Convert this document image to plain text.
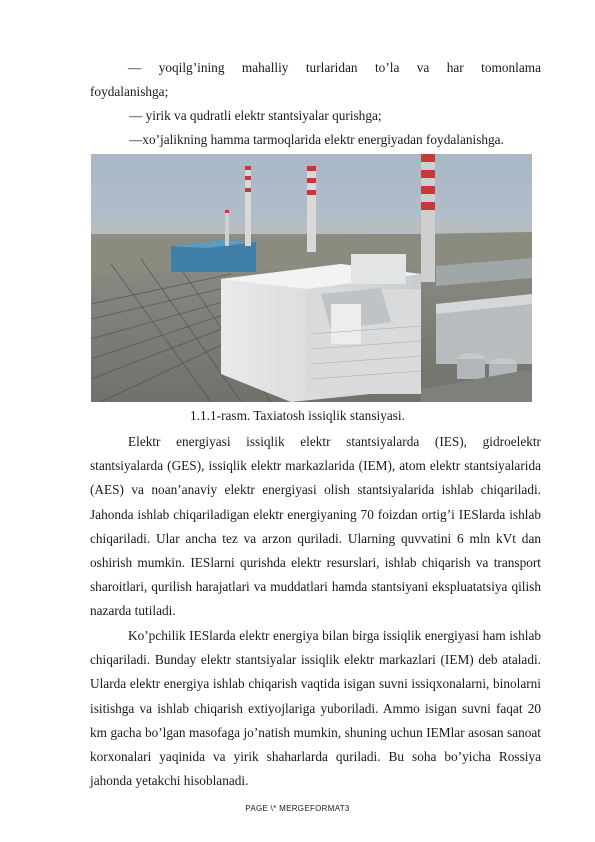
— yoqilg’ining mahalliy turlaridan to’la va har tomonlama
foydalanishga;
— yirik va qudratli elektr stantsiyalar qurishga;
—xo’jalikning hamma tarmoqlarida elektr energiyadan foydalanishga.
1.1.1-rasm. Taxiatosh issiqlik stansiyasi.

Elektr energiyasi issiqlik elektr stantsiyalarda (IES), gidroelektr stantsiyalarda (GES), issiqlik elektr markazlarida (IEM), atom elektr stantsiyalarida (AES) va noan’anaviy elektr energiyasi olish stantsiyalarida ishlab chiqariladi. Jahonda ishlab chiqariladigan elektr energiyaning 70 foizdan ortig’i IESlarda ishlab chiqariladi. Ular ancha tez va arzon quriladi. Ularning quvvatini 6 mln kVt dan oshirish mumkin. IESlarni qurishda elektr resurslari, ishlab chiqarish va transport sharoitlari, qurilish harajatlari va muddatlari hamda stantsiyani ekspluatatsiya qilish nazarda tutiladi.

Ko’pchilik IESlarda elektr energiya bilan birga issiqlik energiyasi ham ishlab chiqariladi. Bunday elektr stantsiyalar issiqlik elektr markazlari (IEM) deb ataladi. Ularda elektr energiya ishlab chiqarish vaqtida isigan suvni issiqxonalarni, binolarni isitishga va ishlab chiqarish extiyojlariga yuboriladi. Ammo isigan suvni faqat 20 km gacha bo’lgan masofaga jo’natish mumkin, shuning uchun IEMlar asosan sanoat korxonalari yaqinida va yirik shaharlarda quriladi. Bu soha bo’yicha Rossiya jahonda yetakchi hisoblanadi.

PAGE \* MERGEFORMAT3
